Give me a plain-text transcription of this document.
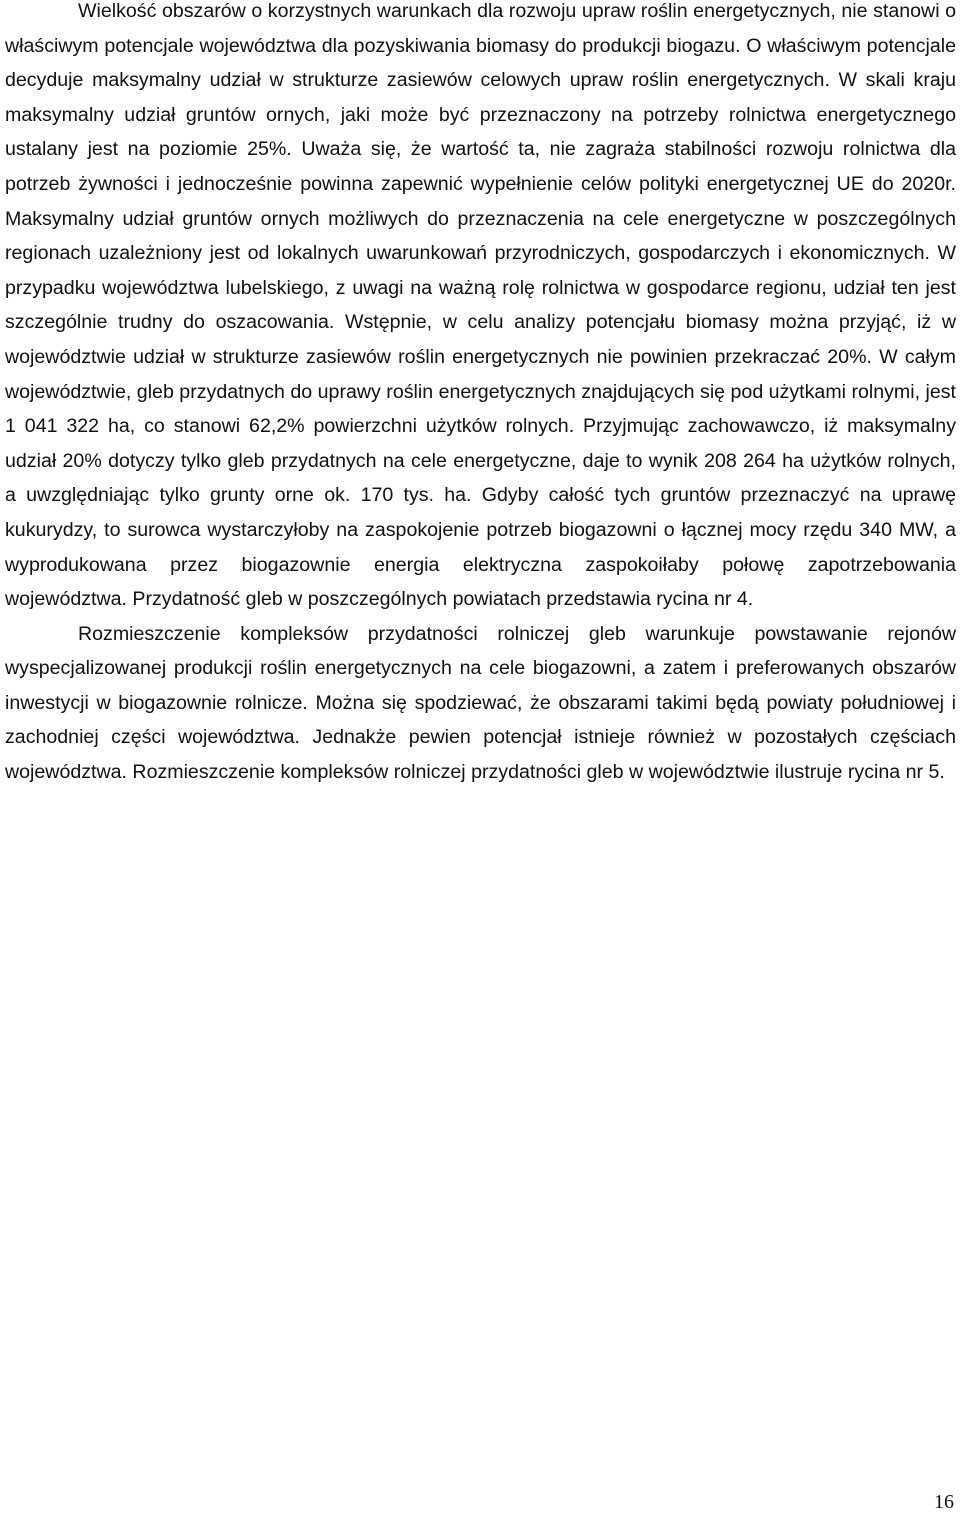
Wielkość obszarów o korzystnych warunkach dla rozwoju upraw roślin energetycznych, nie stanowi o właściwym potencjale województwa dla pozyskiwania biomasy do produkcji biogazu. O właściwym potencjale decyduje maksymalny udział w strukturze zasiewów celowych upraw roślin energetycznych. W skali kraju maksymalny udział gruntów ornych, jaki może być przeznaczony na potrzeby rolnictwa energetycznego ustalany jest na poziomie 25%. Uważa się, że wartość ta, nie zagraża stabilności rozwoju rolnictwa dla potrzeb żywności i jednocześnie powinna zapewnić wypełnienie celów polityki energetycznej UE do 2020r. Maksymalny udział gruntów ornych możliwych do przeznaczenia na cele energetyczne w poszczególnych regionach uzależniony jest od lokalnych uwarunkowań przyrodniczych, gospodarczych i ekonomicznych. W przypadku województwa lubelskiego, z uwagi na ważną rolę rolnictwa w gospodarce regionu, udział ten jest szczególnie trudny do oszacowania. Wstępnie, w celu analizy potencjału biomasy można przyjąć, iż w województwie udział w strukturze zasiewów roślin energetycznych nie powinien przekraczać 20%. W całym województwie, gleb przydatnych do uprawy roślin energetycznych znajdujących się pod użytkami rolnymi, jest 1 041 322 ha, co stanowi 62,2% powierzchni użytków rolnych. Przyjmując zachowawczo, iż maksymalny udział 20% dotyczy tylko gleb przydatnych na cele energetyczne, daje to wynik 208 264 ha użytków rolnych, a uwzględniając tylko grunty orne ok. 170 tys. ha. Gdyby całość tych gruntów przeznaczyć na uprawę kukurydzy, to surowca wystarczyłoby na zaspokojenie potrzeb biogazowni o łącznej mocy rzędu 340 MW, a wyprodukowana przez biogazownie energia elektryczna zaspokoiłaby połowę zapotrzebowania województwa. Przydatność gleb w poszczególnych powiatach przedstawia rycina nr 4.

Rozmieszczenie kompleksów przydatności rolniczej gleb warunkuje powstawanie rejonów wyspecjalizowanej produkcji roślin energetycznych na cele biogazowni, a zatem i preferowanych obszarów inwestycji w biogazownie rolnicze. Można się spodziewać, że obszarami takimi będą powiaty południowej i zachodniej części województwa. Jednakże pewien potencjał istnieje również w pozostałych częściach województwa. Rozmieszczenie kompleksów rolniczej przydatności gleb w województwie ilustruje rycina nr 5.

16
